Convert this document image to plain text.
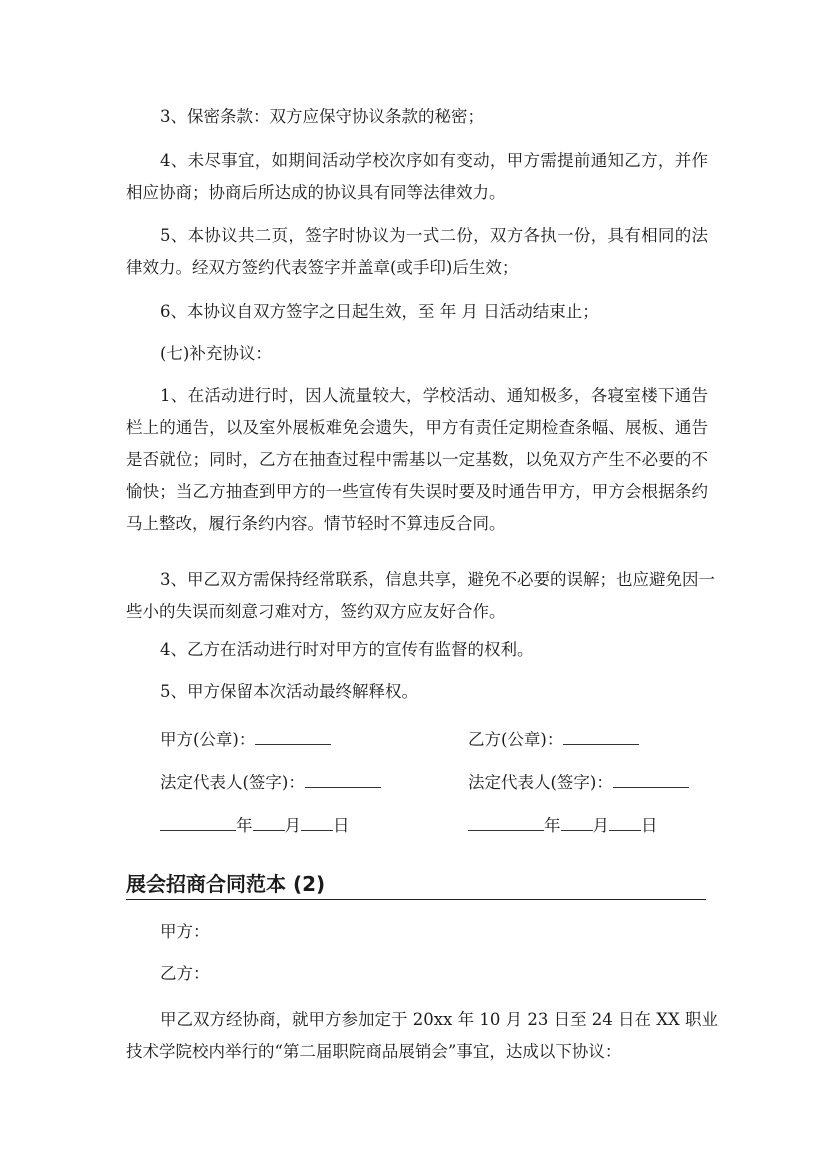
3、保密条款：双方应保守协议条款的秘密；
4、未尽事宜，如期间活动学校次序如有变动，甲方需提前通知乙方，并作
相应协商；协商后所达成的协议具有同等法律效力。
5、本协议共二页，签字时协议为一式二份，双方各执一份，具有相同的法
律效力。经双方签约代表签字并盖章(或手印)后生效；
6、本协议自双方签字之日起生效，至 年 月 日活动结束止；
(七)补充协议：
1、在活动进行时，因人流量较大，学校活动、通知极多，各寝室楼下通告
栏上的通告，以及室外展板难免会遗失，甲方有责任定期检查条幅、展板、通告
是否就位；同时，乙方在抽查过程中需基以一定基数，以免双方产生不必要的不
愉快；当乙方抽查到甲方的一些宣传有失误时要及时通告甲方，甲方会根据条约
马上整改，履行条约内容。情节轻时不算违反合同。
3、甲乙双方需保持经常联系，信息共享，避免不必要的误解；也应避免因一
些小的失误而刻意刁难对方，签约双方应友好合作。
4、乙方在活动进行时对甲方的宣传有监督的权利。
5、甲方保留本次活动最终解释权。
甲方(公章)：	乙方(公章)：
法定代表人(签字)：	法定代表人(签字)：
年 月 日	年 月 日
展会招商合同范本 (2)
甲方：
乙方：
甲乙双方经协商，就甲方参加定于 20xx 年 10 月 23 日至 24 日在 XX 职业
技术学院校内举行的“第二届职院商品展销会”事宜，达成以下协议：
